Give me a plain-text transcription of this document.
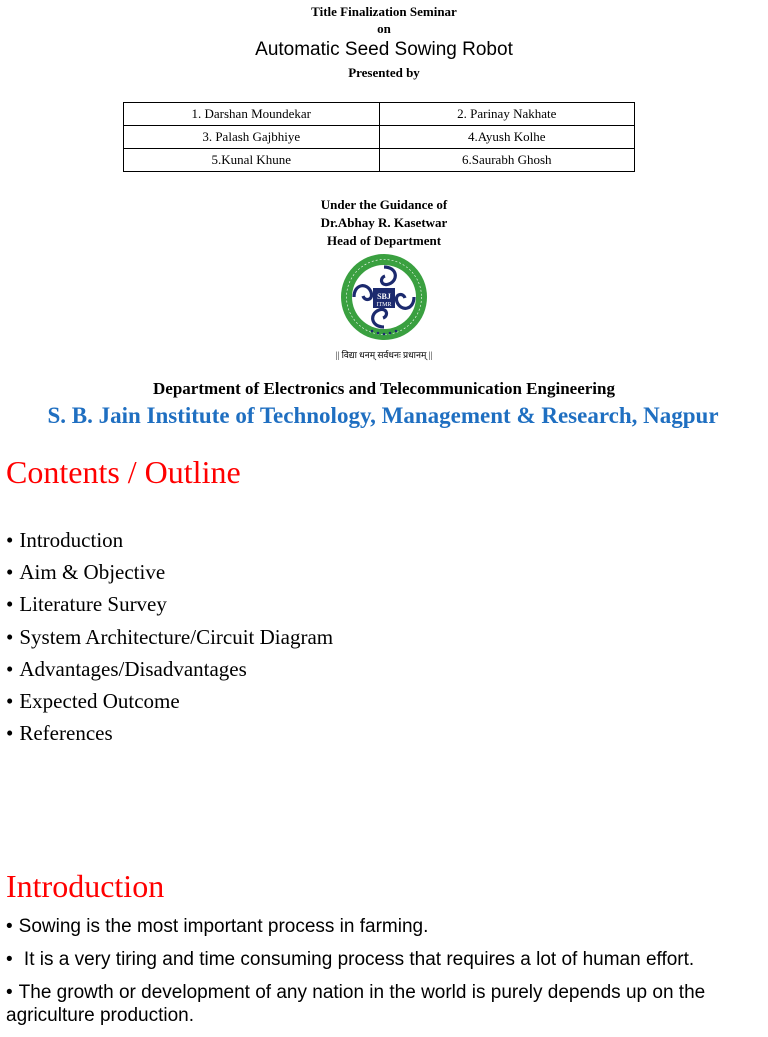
Title Finalization Seminar
on
Automatic Seed Sowing Robot
Presented by
1. Darshan Moundekar	2. Parinay Nakhate
3. Palash Gajbhiye	4.Ayush Kolhe
5.Kunal Khune	6.Saurabh Ghosh
Under the Guidance of
Dr.Abhay R. Kasetwar
Head of Department
SBJ
ITMR
|| विद्या धनम् सर्वधनः प्रधानम् ||
Department of Electronics and Telecommunication Engineering
S. B. Jain Institute of Technology, Management & Research, Nagpur
Contents / Outline
• Introduction
• Aim & Objective
• Literature Survey
• System Architecture/Circuit Diagram
• Advantages/Disadvantages
• Expected Outcome
• References
Introduction
• Sowing is the most important process in farming.
• It is a very tiring and time consuming process that requires a lot of human effort.
• The growth or development of any nation in the world is purely depends up on the agriculture production.
